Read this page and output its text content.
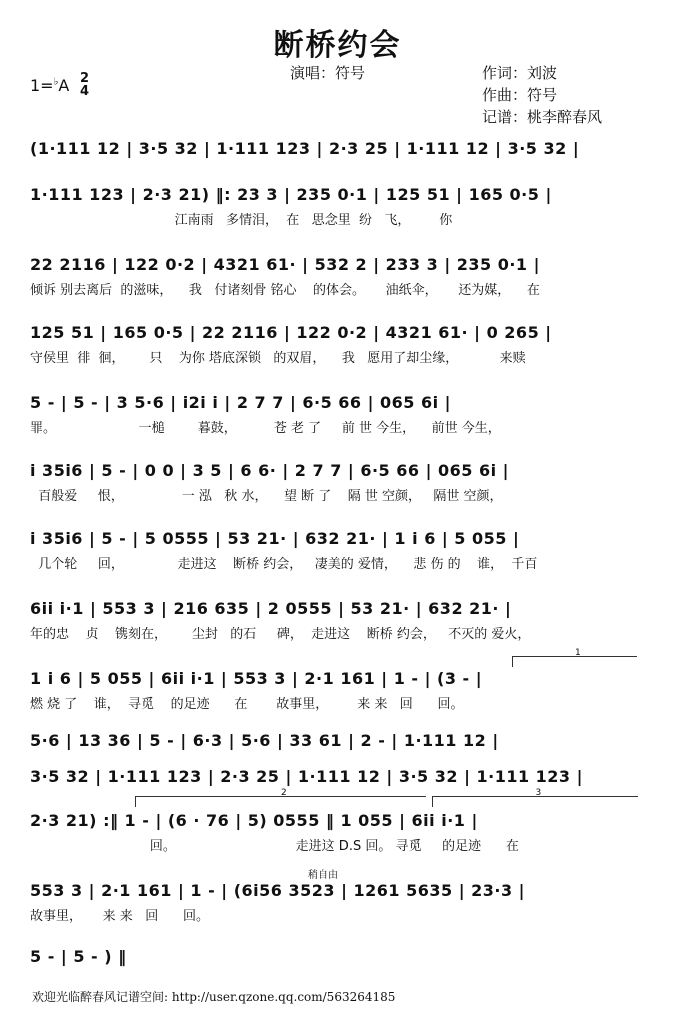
断桥约会
演唱：符号	作词：刘波
作曲：符号
记谱：桃李醉春风
1=♭A 2
4
(1·111 12 | 3·5 32 | 1·111 123 | 2·3 25 | 1·111 12 | 3·5 32 |
1·111 123 | 2·3 21) ‖: 23 3 | 235 0·1 | 125 51 | 165 0·5 |
江南雨   多情泪，  在   思念里  纷   飞，       你
22 2116 | 122 0·2 | 4321 61· | 532 2 | 233 3 | 235 0·1 |
倾诉 别去离后  的滋味，    我   付诸刻骨 铭心    的体会。     油纸伞，     还为媒，    在
125 51 | 165 0·5 | 22 2116 | 122 0·2 | 4321 61· | 0 265 |
守侯里  徘  徊，      只    为你 塔底深锁   的双眉，    我   愿用了却尘缘，          来赎
5 - | 5 - | 3 5·6 | i2i i | 2 7 7 | 6·5 66 | 065 6i |
罪。                    一槌        暮鼓，         苍 老 了     前 世 今生，    前世 今生，
i 35i6 | 5 - | 0 0 | 3 5 | 6 6· | 2 7 7 | 6·5 66 | 065 6i |
百般爱     恨，              一 泓   秋 水，    望 断 了    隔 世 空颜，   隔世 空颜，
i 35i6 | 5 - | 5 0555 | 53 21· | 632 21· | 1 i 6 | 5 055 |
几个轮     回，             走进这    断桥 约会，   凄美的 爱情，    悲 伤 的    谁，  千百
6ii i·1 | 553 3 | 216 635 | 2 0555 | 53 21· | 632 21· |
年的忠    贞    镌刻在，      尘封   的石     碑，  走进这    断桥 约会，   不灭的 爱火，
1 i 6 | 5 055 | 6ii i·1 | 553 3 | 2·1 161 | 1 - | (3 - |
燃 烧 了    谁，  寻觅    的足迹      在       故事里，       来 来   回      回。
5·6 | 13 36 | 5 - | 6·3 | 5·6 | 33 61 | 2 - | 1·111 12 |
3·5 32 | 1·111 123 | 2·3 25 | 1·111 12 | 3·5 32 | 1·111 123 |
2·3 21) :‖ 1 - | (6 · 76 | 5) 0555 ‖ 1 055 | 6ii i·1 |
回。                             走进这 D.S 回。 寻觅     的足迹      在
553 3 | 2·1 161 | 1 - | (6i56 3523 | 1261 5635 | 23·3 |
故事里，     来 来   回      回。
5 - | 5 - ) ‖
1
2	3
稍自由
欢迎光临醉春风记谱空间: http://user.qzone.qq.com/563264185
